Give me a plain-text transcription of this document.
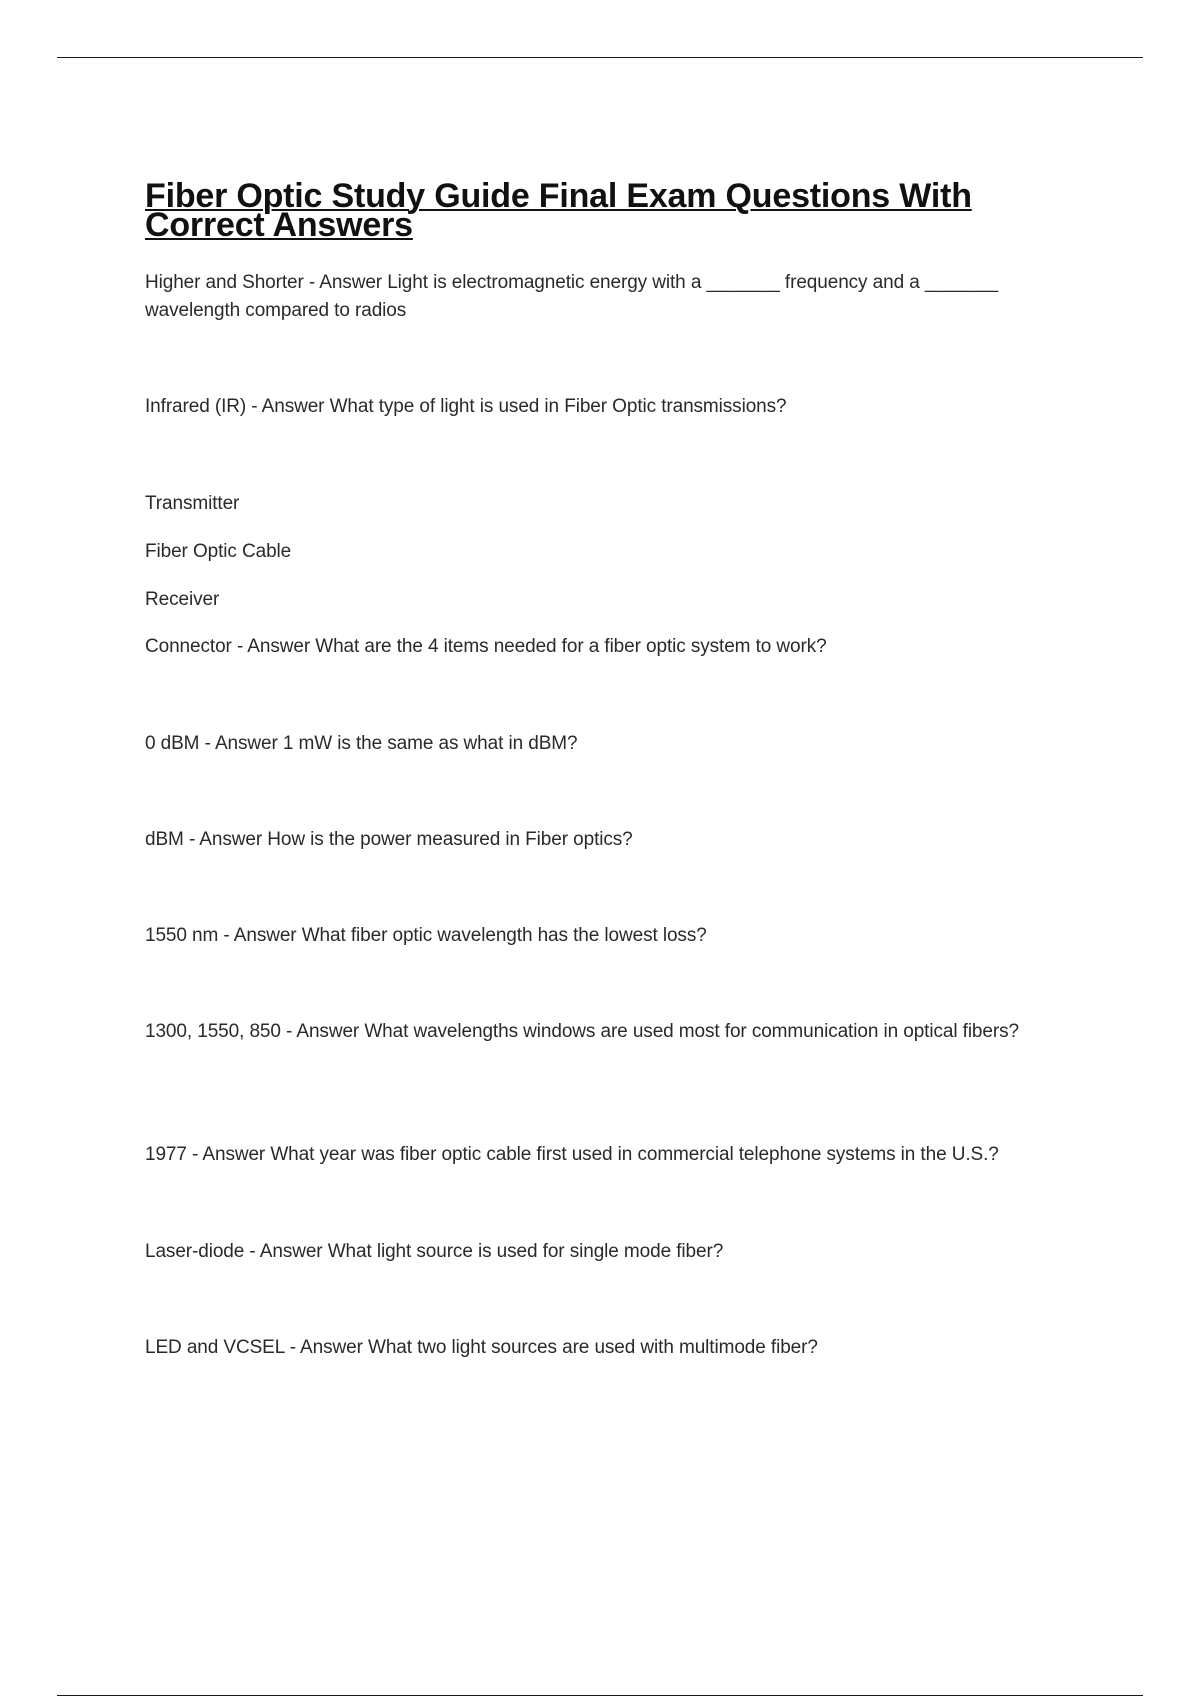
Fiber Optic Study Guide Final Exam Questions With Correct Answers

Higher and Shorter - Answer Light is electromagnetic energy with a _______ frequency and a _______ wavelength compared to radios

Infrared (IR) - Answer What type of light is used in Fiber Optic transmissions?

Transmitter

Fiber Optic Cable

Receiver

Connector - Answer What are the 4 items needed for a fiber optic system to work?

0 dBM - Answer 1 mW is the same as what in dBM?

dBM - Answer How is the power measured in Fiber optics?

1550 nm - Answer What fiber optic wavelength has the lowest loss?

1300, 1550, 850 - Answer What wavelengths windows are used most for communication in optical fibers?

1977 - Answer What year was fiber optic cable first used in commercial telephone systems in the U.S.?

Laser-diode - Answer What light source is used for single mode fiber?

LED and VCSEL - Answer What two light sources are used with multimode fiber?
